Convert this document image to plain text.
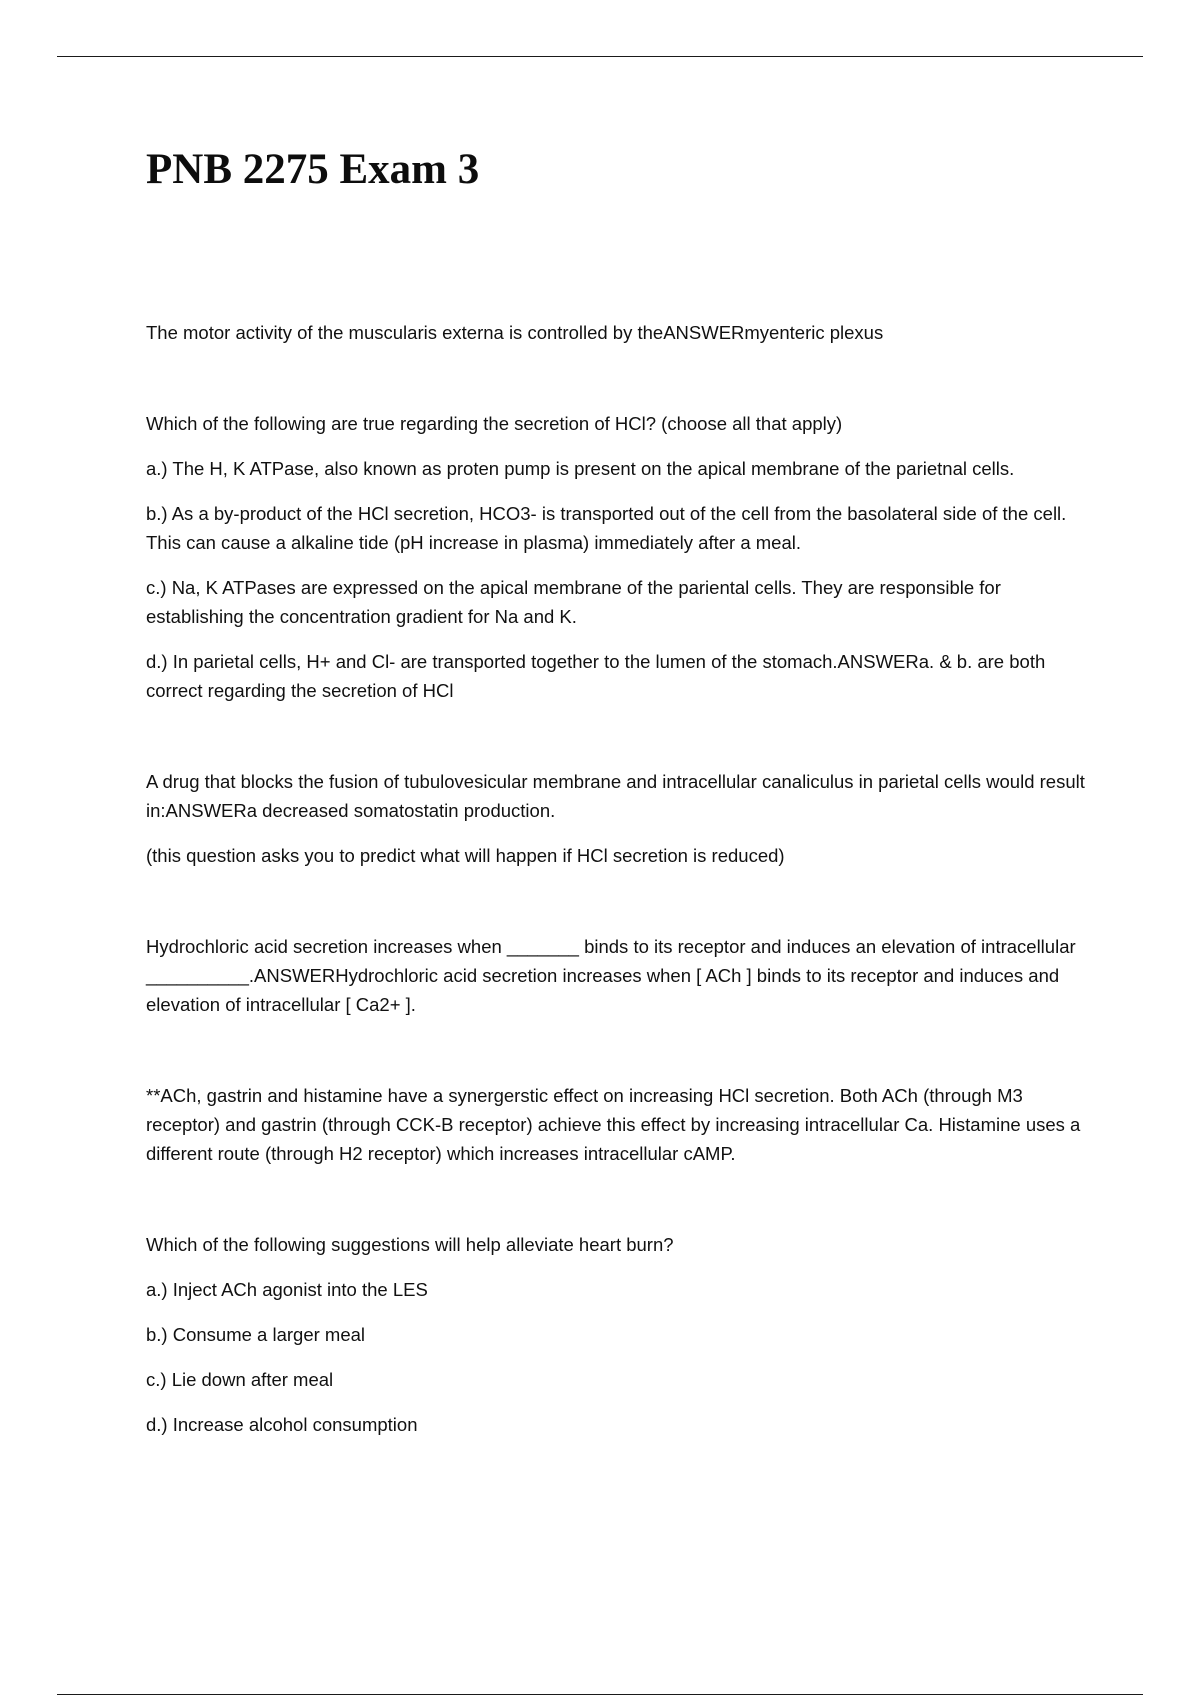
PNB 2275 Exam 3

The motor activity of the muscularis externa is controlled by theANSWERmyenteric plexus

Which of the following are true regarding the secretion of HCl? (choose all that apply)

a.) The H, K ATPase, also known as proten pump is present on the apical membrane of the parietnal cells.

b.) As a by-product of the HCl secretion, HCO3- is transported out of the cell from the basolateral side of the cell. This can cause a alkaline tide (pH increase in plasma) immediately after a meal.

c.) Na, K ATPases are expressed on the apical membrane of the pariental cells. They are responsible for establishing the concentration gradient for Na and K.

d.) In parietal cells, H+ and Cl- are transported together to the lumen of the stomach.ANSWERa. & b. are both correct regarding the secretion of HCl

A drug that blocks the fusion of tubulovesicular membrane and intracellular canaliculus in parietal cells would result in:ANSWERa decreased somatostatin production.

(this question asks you to predict what will happen if HCl secretion is reduced)

Hydrochloric acid secretion increases when _______ binds to its receptor and induces an elevation of intracellular __________.ANSWERHydrochloric acid secretion increases when [ ACh ] binds to its receptor and induces and elevation of intracellular [ Ca2+ ].

**ACh, gastrin and histamine have a synergerstic effect on increasing HCl secretion. Both ACh (through M3 receptor) and gastrin (through CCK-B receptor) achieve this effect by increasing intracellular Ca. Histamine uses a different route (through H2 receptor) which increases intracellular cAMP.

Which of the following suggestions will help alleviate heart burn?

a.) Inject ACh agonist into the LES

b.) Consume a larger meal

c.) Lie down after meal

d.) Increase alcohol consumption
